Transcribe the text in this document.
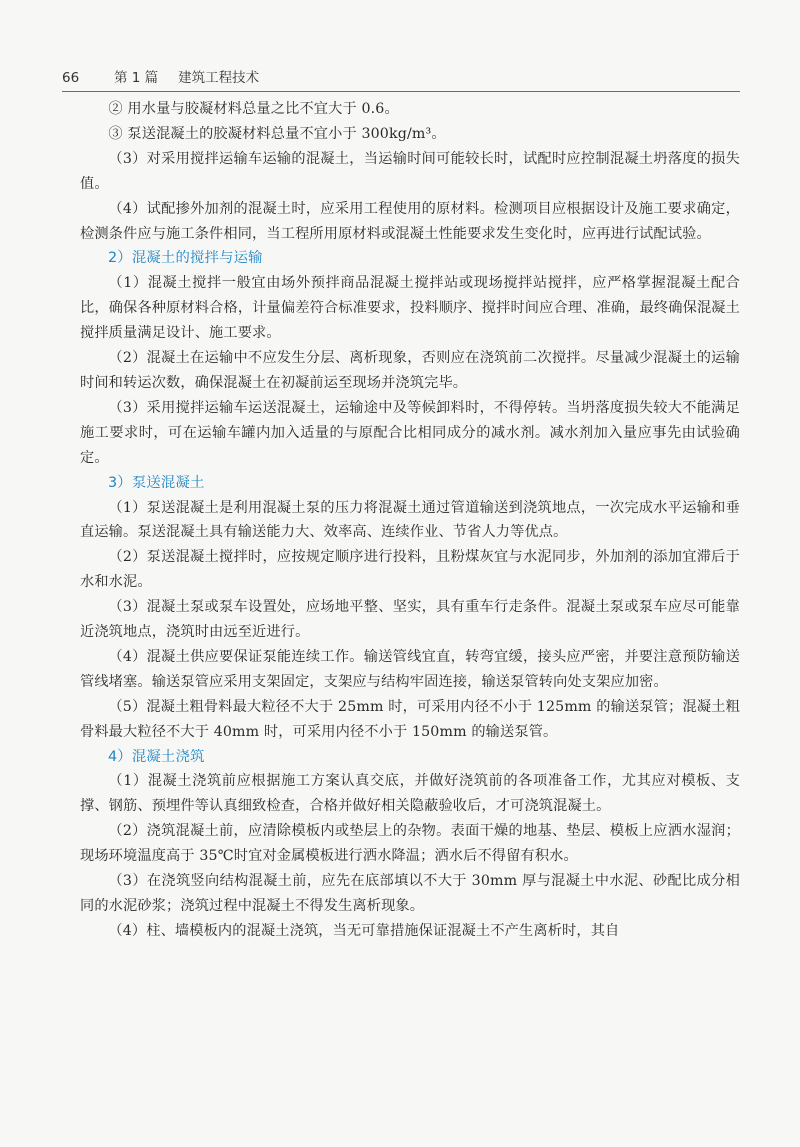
66	第 1 篇 建筑工程技术

② 用水量与胶凝材料总量之比不宜大于 0.6。

③ 泵送混凝土的胶凝材料总量不宜小于 300kg/m³。

（3）对采用搅拌运输车运输的混凝土，当运输时间可能较长时，试配时应控制混凝土坍落度的损失值。

（4）试配掺外加剂的混凝土时，应采用工程使用的原材料。检测项目应根据设计及施工要求确定，检测条件应与施工条件相同，当工程所用原材料或混凝土性能要求发生变化时，应再进行试配试验。

2）混凝土的搅拌与运输

（1）混凝土搅拌一般宜由场外预拌商品混凝土搅拌站或现场搅拌站搅拌，应严格掌握混凝土配合比，确保各种原材料合格，计量偏差符合标准要求，投料顺序、搅拌时间应合理、准确，最终确保混凝土搅拌质量满足设计、施工要求。

（2）混凝土在运输中不应发生分层、离析现象，否则应在浇筑前二次搅拌。尽量减少混凝土的运输时间和转运次数，确保混凝土在初凝前运至现场并浇筑完毕。

（3）采用搅拌运输车运送混凝土，运输途中及等候卸料时，不得停转。当坍落度损失较大不能满足施工要求时，可在运输车罐内加入适量的与原配合比相同成分的减水剂。减水剂加入量应事先由试验确定。

3）泵送混凝土

（1）泵送混凝土是利用混凝土泵的压力将混凝土通过管道输送到浇筑地点，一次完成水平运输和垂直运输。泵送混凝土具有输送能力大、效率高、连续作业、节省人力等优点。

（2）泵送混凝土搅拌时，应按规定顺序进行投料，且粉煤灰宜与水泥同步，外加剂的添加宜滞后于水和水泥。

（3）混凝土泵或泵车设置处，应场地平整、坚实，具有重车行走条件。混凝土泵或泵车应尽可能靠近浇筑地点，浇筑时由远至近进行。

（4）混凝土供应要保证泵能连续工作。输送管线宜直，转弯宜缓，接头应严密，并要注意预防输送管线堵塞。输送泵管应采用支架固定，支架应与结构牢固连接，输送泵管转向处支架应加密。

（5）混凝土粗骨料最大粒径不大于 25mm 时，可采用内径不小于 125mm 的输送泵管；混凝土粗骨料最大粒径不大于 40mm 时，可采用内径不小于 150mm 的输送泵管。

4）混凝土浇筑

（1）混凝土浇筑前应根据施工方案认真交底，并做好浇筑前的各项准备工作，尤其应对模板、支撑、钢筋、预埋件等认真细致检查，合格并做好相关隐蔽验收后，才可浇筑混凝土。

（2）浇筑混凝土前，应清除模板内或垫层上的杂物。表面干燥的地基、垫层、模板上应洒水湿润；现场环境温度高于 35℃时宜对金属模板进行洒水降温；洒水后不得留有积水。

（3）在浇筑竖向结构混凝土前，应先在底部填以不大于 30mm 厚与混凝土中水泥、砂配比成分相同的水泥砂浆；浇筑过程中混凝土不得发生离析现象。

（4）柱、墙模板内的混凝土浇筑，当无可靠措施保证混凝土不产生离析时，其自
